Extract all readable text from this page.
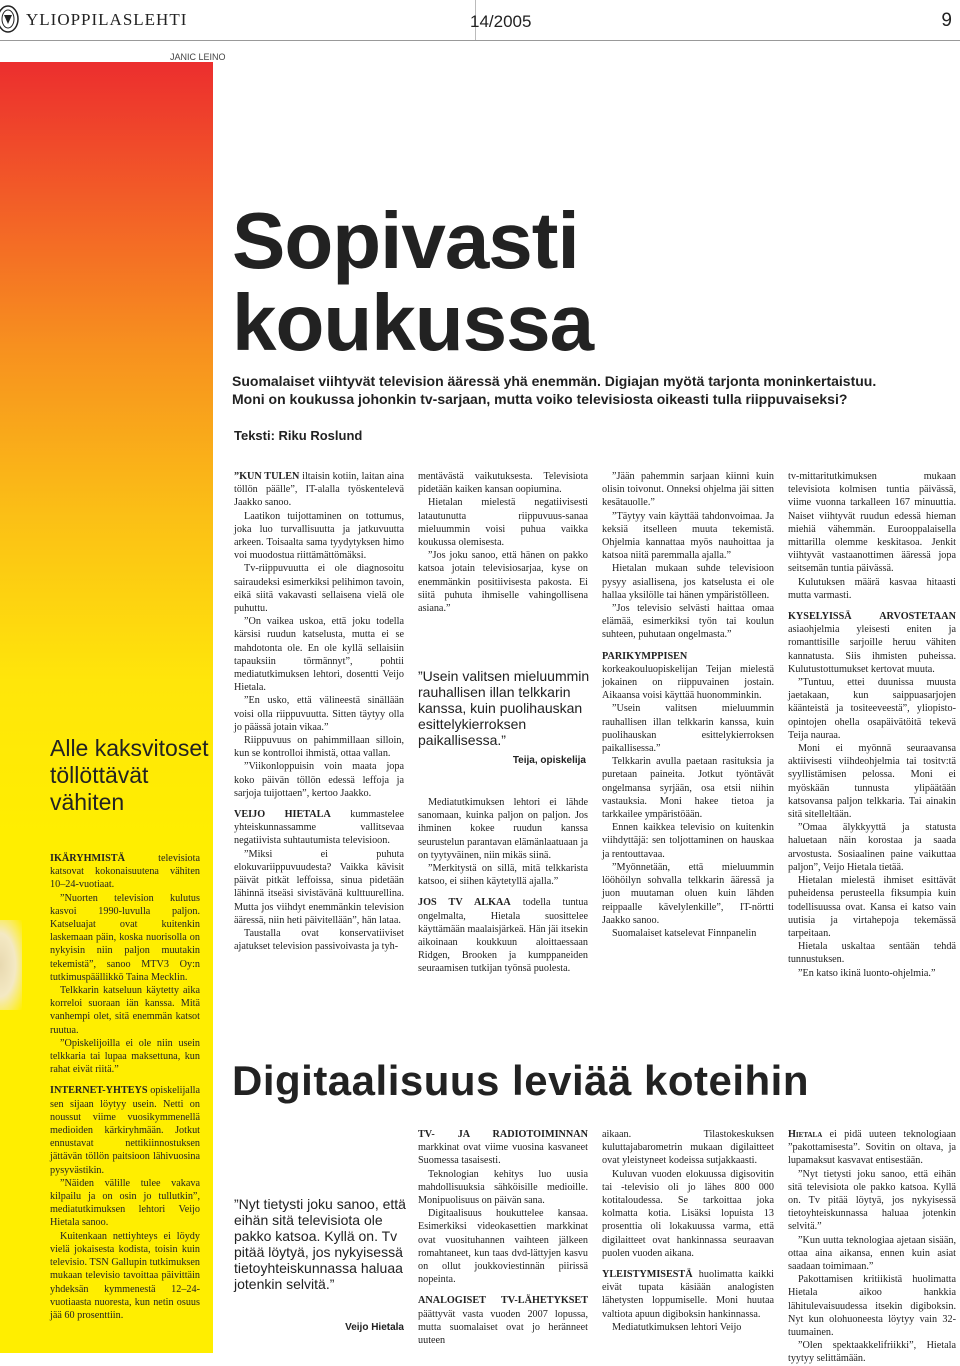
YLIOPPILASLEHTI	14/2005	9
JANIC LEINO
Sopivasti
koukussa
Suomalaiset viihtyvät television ääressä yhä enemmän. Digiajan myötä tarjonta moninkertaistuu.
Moni on koukussa johonkin tv-sarjaan, mutta voiko televisiosta oikeasti tulla riippuvaiseksi?
Teksti: Riku Roslund
Alle kaksvitoset töllöttävät vähiten

IKÄRYHMISTÄ televisiota katsovat kokonaisuutena vähiten 10–24-vuotiaat.

”Nuorten television kulutus kasvoi 1990-luvulla paljon. Katseluajat ovat kuitenkin laskemaan päin, koska nuorisolla on nykyisin niin paljon muutakin tekemistä”, sanoo MTV3 Oy:n tutkimuspäällikkö Taina Mecklin.

Telkkarin katseluun käytetty aika korreloi suoraan iän kanssa. Mitä vanhempi olet, sitä enemmän katsot ruutua.

”Opiskelijoilla ei ole niin usein telkkaria tai lupaa maksettuna, kun rahat eivät riitä.”

INTERNET-YHTEYS opiskelijalla sen sijaan löytyy usein. Netti on noussut viime vuosikymmenellä medioiden kärkiryhmään. Jotkut ennustavat nettikiinnostuksen jättävän töllön paitsioon lähivuosina pysyvästikin.

”Näiden välille tulee vakava kilpailu ja on osin jo tullutkin”, mediatutkimuksen lehtori Veijo Hietala sanoo.

Kuitenkaan nettiyhteys ei löydy vielä jokaisesta kodista, toisin kuin televisio. TSN Gallupin tutkimuksen mukaan televisio tavoittaa päivittäin yhdeksän kymmenestä 12–24-vuotiaasta nuoresta, kun netin osuus jää 60 prosenttiin.

”KUN TULEN iltaisin kotiin, laitan aina töllön päälle”, IT-alalla työskentelevä Jaakko sanoo.

Laatikon tuijottaminen on tottumus, joka luo turvallisuutta ja jatkuvuutta arkeen. Toisaalta sama tyydytyksen himo voi muodostua riittämättömäksi.

Tv-riippuvuutta ei ole diagnosoitu sairaudeksi esimerkiksi pelihimon tavoin, eikä siitä vakavasti sellaisena vielä ole puhuttu.

”On vaikea uskoa, että joku todella kärsisi ruudun katselusta, mutta ei se mahdotonta ole. En ole kyllä sellaisiin tapauksiin törmännyt”, pohtii mediatutkimuksen lehtori, dosentti Veijo Hietala.

”En usko, että välineestä sinällään voisi olla riippuvuutta. Sitten täytyy olla jo päässä jotain vikaa.”

Riippuvuus on pahimmillaan silloin, kun se kontrolloi ihmistä, ottaa vallan.

”Viikonloppuisin voin maata jopa koko päivän töllön edessä leffoja ja sarjoja tuijottaen”, kertoo Jaakko.

VEIJO HIETALA kummastelee yhteiskunnassamme vallitsevaa negatiivista suhtautumista televisioon.

”Miksi ei puhuta elokuvariippuvuudesta? Vaikka kävisit päivät pitkät leffoissa, sinua pidetään lähinnä itseäsi sivistävänä kulttuurellina. Mutta jos viihdyt enemmänkin television ääressä, niin heti päivitellään”, hän lataa.

Taustalla ovat konservatiiviset ajatukset television passivoivasta ja tyh-

mentävästä vaikutuksesta. Televisiota pidetään kaiken kansan oopiumina.

Hietalan mielestä negatiivisesti latautunutta riippuvuus-sanaa mieluummin voisi puhua vaikka koukussa olemisesta.

”Jos joku sanoo, että hänen on pakko katsoa jotain televisiosarjaa, kyse on enemmänkin positiivisesta pakosta. Ei siitä puhuta ihmiselle vahingollisena asiana.”

”Usein valitsen mieluummin rauhallisen illan telkkarin kanssa, kuin puolihauskan esittelykierroksen paikallisessa.”
Teija, opiskelija

Mediatutkimuksen lehtori ei lähde sanomaan, kuinka paljon on paljon. Jos ihminen kokee ruudun kanssa seurustelun parantavan elämänlaatuaan ja on tyytyväinen, niin mikäs siinä.

”Merkitystä on sillä, mitä telkkarista katsoo, ei siihen käytetyllä ajalla.”

JOS TV ALKAA todella tuntua ongelmalta, Hietala suosittelee käyttämään maalaisjärkeä. Hän jäi itsekin aikoinaan koukkuun aloittaessaan Ridgen, Brooken ja kumppaneiden seuraamisen tutkijan työnsä puolesta.

”Jään pahemmin sarjaan kiinni kuin olisin toivonut. Onneksi ohjelma jäi sitten kesätauolle.”

”Täytyy vain käyttää tahdonvoimaa. Ja keksiä itselleen muuta tekemistä. Ohjelmia kannattaa myös nauhoittaa ja katsoa niitä paremmalla ajalla.”

Hietalan mukaan suhde televisioon pysyy asiallisena, jos katselusta ei ole hallaa yksilölle tai hänen ympäristölleen.

”Jos televisio selvästi haittaa omaa elämää, esimerkiksi työn tai koulun suhteen, puhutaan ongelmasta.”

PARIKYMPPISEN korkeakouluopiskelijan Teijan mielestä jokainen on riippuvainen jostain. Aikaansa voisi käyttää huonomminkin.

”Usein valitsen mieluummin rauhallisen illan telkkarin kanssa, kuin puolihauskan esittelykierroksen paikallisessa.”

Telkkarin avulla paetaan rasituksia ja puretaan paineita. Jotkut työntävät ongelmansa syrjään, osa etsii niihin vastauksia. Moni hakee tietoa ja tarkkailee ympäristöään.

Ennen kaikkea televisio on kuitenkin viihdyttäjä: sen toljottaminen on hauskaa ja rentouttavaa.

”Myönnetään, että mieluummin lööhöilyn sohvalla telkkarin ääressä ja juon muutaman oluen kuin lähden reippaalle kävelylenkille”, IT-nörtti Jaakko sanoo.

Suomalaiset katselevat Finnpanelin

tv-mittaritutkimuksen mukaan televisiota kolmisen tuntia päivässä, viime vuonna tarkalleen 167 minuuttia. Naiset viihtyvät ruudun edessä hieman miehiä vähemmän. Eurooppalaisella mittarilla olemme keskitasoa. Jenkit viihtyvät vastaanottimen ääressä jopa seitsemän tuntia päivässä.

Kulutuksen määrä kasvaa hitaasti mutta varmasti.

KYSELYISSÄ ARVOSTETAAN asiaohjelmia yleisesti eniten ja romanttisille sarjoille heruu vähiten kannatusta. Siis ihmisten puheissa. Kulutustottumukset kertovat muuta.

”Tuntuu, ettei duunissa muusta jaetakaan, kun saippuasarjojen käänteistä ja tositeeveestä”, yliopisto-opintojen ohella osapäivätöitä tekevä Teija nauraa.

Moni ei myönnä seuraavansa aktiivisesti viihdeohjelmia tai tositv:tä syyllistämisen pelossa. Moni ei myöskään tunnusta ylipäätään katsovansa paljon telkkaria. Tai ainakin sitä sitelleltään.

”Omaa älykkyyttä ja statusta haluetaan näin korostaa ja saada arvostusta. Sosiaalinen paine vaikuttaa paljon”, Veijo Hietala tietää.

Hietalan mielestä ihmiset esittävät puheidensa perusteella fiksumpia kuin todellisuussa ovat. Kansa ei katso vain uutisia ja virtahepoja tekemässä tarpeitaan.

Hietala uskaltaa sentään tehdä tunnustuksen.

”En katso ikinä luonto-ohjelmia.”

Digitaalisuus leviää koteihin
”Nyt tietysti joku sanoo, että eihän sitä televisiota ole pakko katsoa. Kyllä on. Tv pitää löytyä, jos nykyisessä tietoyhteiskunnassa haluaa jotenkin selvitä.”
Veijo Hietala

TV- JA RADIOTOIMINNAN markkinat ovat viime vuosina kasvaneet Suomessa tasaisesti.

Teknologian kehitys luo uusia mahdollisuuksia sähköisille medioille. Monipuolisuus on päivän sana.

Digitaalisuus houkuttelee kansaa. Esimerkiksi videokasettien markkinat ovat vuosituhannen vaihteen jälkeen romahtaneet, kun taas dvd-lättyjen kasvu on ollut joukkoviestinnän piirissä nopeinta.

ANALOGISET TV-LÄHETYKSET päättyvät vasta vuoden 2007 lopussa, mutta suomalaiset ovat jo heränneet uuteen

aikaan. Tilastokeskuksen kuluttajabarometrin mukaan digilaitteet ovat yleistyneet kodeissa sutjakkaasti.

Kuluvan vuoden elokuussa digisovitin tai -televisio oli jo lähes 800 000 kotitaloudessa. Se tarkoittaa joka kolmatta kotia. Lisäksi lopuista 13 prosenttia oli lokakuussa varma, että digilaitteet ovat hankinnassa seuraavan puolen vuoden aikana.

YLEISTYMISESTÄ huolimatta kaikki eivät tupata käsiään analogisten lähetysten loppumiselle. Moni huutaa valtiota apuun digiboksin hankinnassa.

Mediatutkimuksen lehtori Veijo

Hietala ei pidä uuteen teknologiaan ”pakottamisesta”. Sovitin on oltava, ja lupamaksut kasvavat entisestään.

”Nyt tietysti joku sanoo, että eihän sitä televisiota ole pakko katsoa. Kyllä on. Tv pitää löytyä, jos nykyisessä tietoyhteiskunnassa haluaa jotenkin selvitä.”

”Kun uutta teknologiaa ajetaan sisään, ottaa aina aikansa, ennen kuin asiat saadaan toimimaan.”

Pakottamisen kritiikistä huolimatta Hietala aikoo hankkia lähitulevaisuudessa itsekin digiboksin. Nyt kun olohuoneesta löytyy vain 32-tuumainen.

”Olen spektaakkelifriikki”, Hietala tyytyy selittämään.
